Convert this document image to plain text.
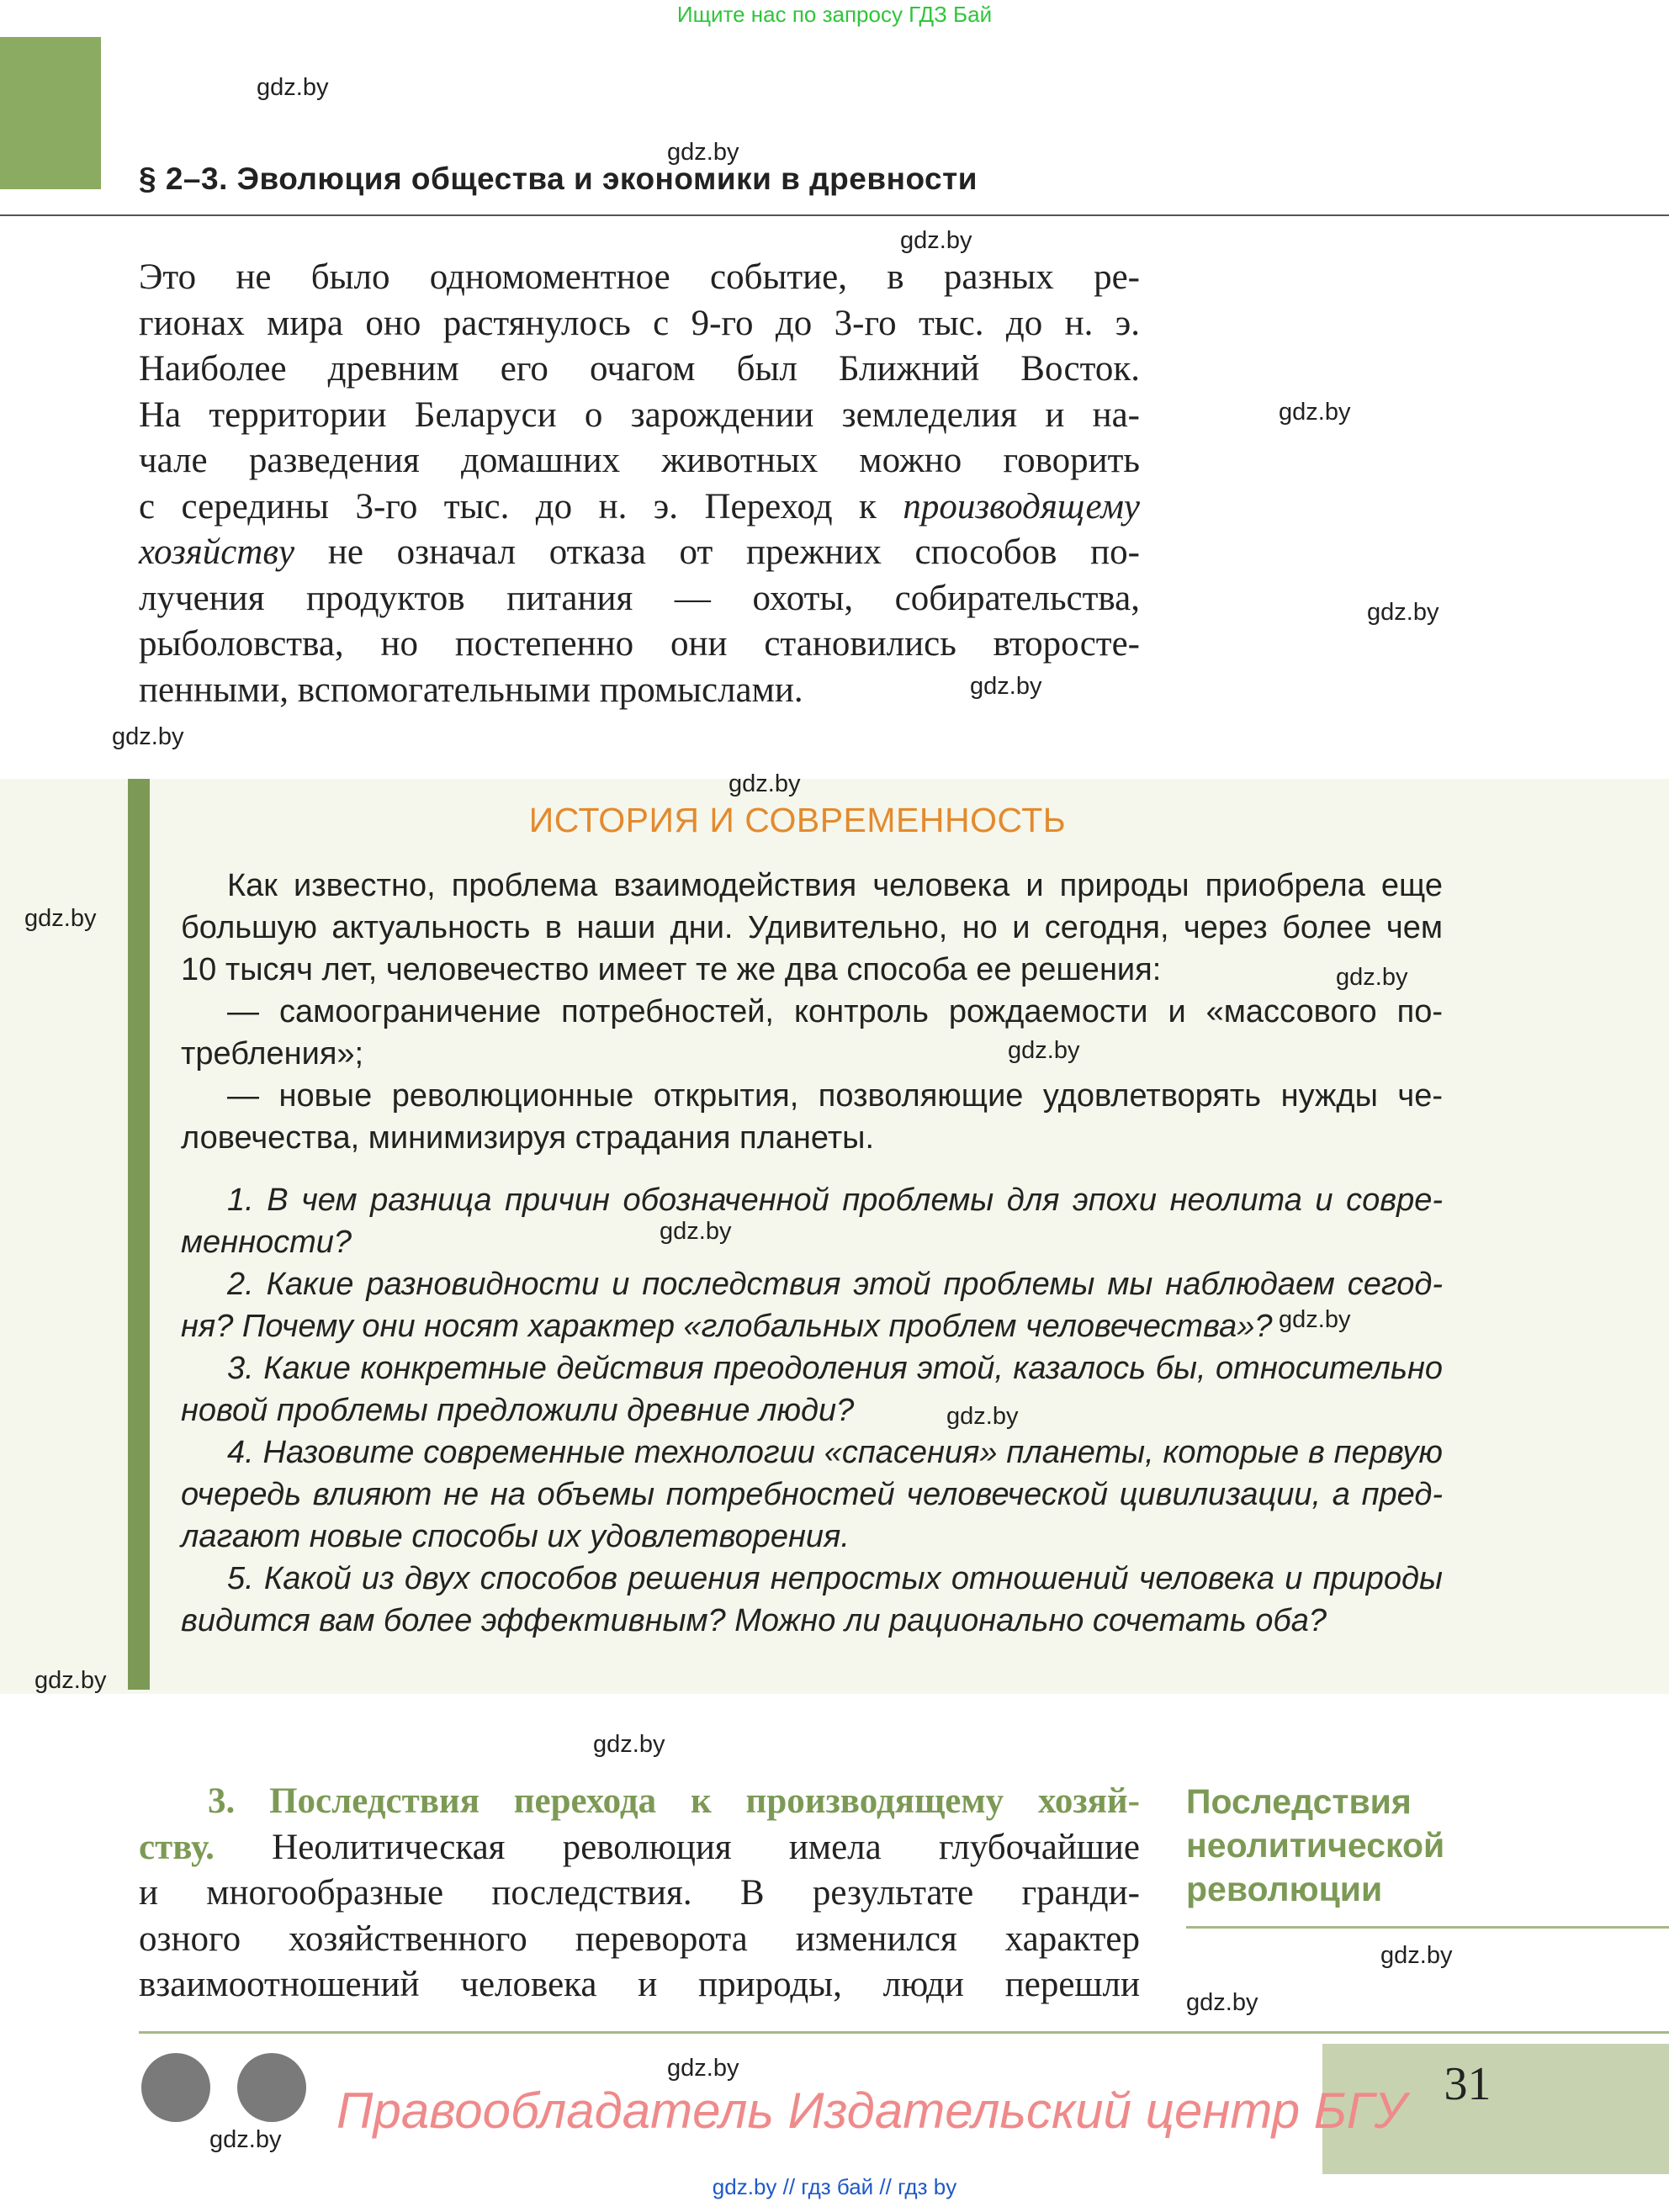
Ищите нас по запросу ГДЗ Бай
§ 2–3. Эволюция общества и экономики в древности
Это не было одномоментное событие, в разных ре-
гионах мира оно растянулось с 9-го до 3-го тыс. до н. э.
Наиболее древним его очагом был Ближний Восток.
На территории Беларуси о зарождении земледелия и на-
чале разведения домашних животных можно говорить
с середины 3-го тыс. до н. э. Переход к производящему
хозяйству не означал отказа от прежних способов по-
лучения продуктов питания — охоты, собирательства,
рыболовства, но постепенно они становились второсте-
пенными, вспомогательными промыслами.
ИСТОРИЯ И СОВРЕМЕННОСТЬ
Как известно, проблема взаимодействия человека и природы приобрела еще
большую актуальность в наши дни. Удивительно, но и сегодня, через более чем
10 тысяч лет, человечество имеет те же два способа ее решения:
— самоограничение потребностей, контроль рождаемости и «массового по-
требления»;
— новые революционные открытия, позволяющие удовлетворять нужды че-
ловечества, минимизируя страдания планеты.
1. В чем разница причин обозначенной проблемы для эпохи неолита и совре-
менности?
2. Какие разновидности и последствия этой проблемы мы наблюдаем сегод-
ня? Почему они носят характер «глобальных проблем человечества»?
3. Какие конкретные действия преодоления этой, казалось бы, относительно
новой проблемы предложили древние люди?
4. Назовите современные технологии «спасения» планеты, которые в первую
очередь влияют не на объемы потребностей человеческой цивилизации, а пред-
лагают новые способы их удовлетворения.
5. Какой из двух способов решения непростых отношений человека и природы
видится вам более эффективным? Можно ли рационально сочетать оба?
3. Последствия перехода к производящему хозяй-
ству. Неолитическая революция имела глубочайшие
и многообразные последствия. В результате гранди-
озного хозяйственного переворота изменился характер
взаимоотношений человека и природы, люди перешли
Последствия
неолитической
революции
31
Правообладатель Издательский центр БГУ
gdz.by // гдз бай // гдз by
gdz.by
gdz.by
gdz.by
gdz.by
gdz.by
gdz.by
gdz.by
gdz.by
gdz.by
gdz.by
gdz.by
gdz.by
gdz.by
gdz.by
gdz.by
gdz.by
gdz.by
gdz.by
gdz.by
gdz.by
